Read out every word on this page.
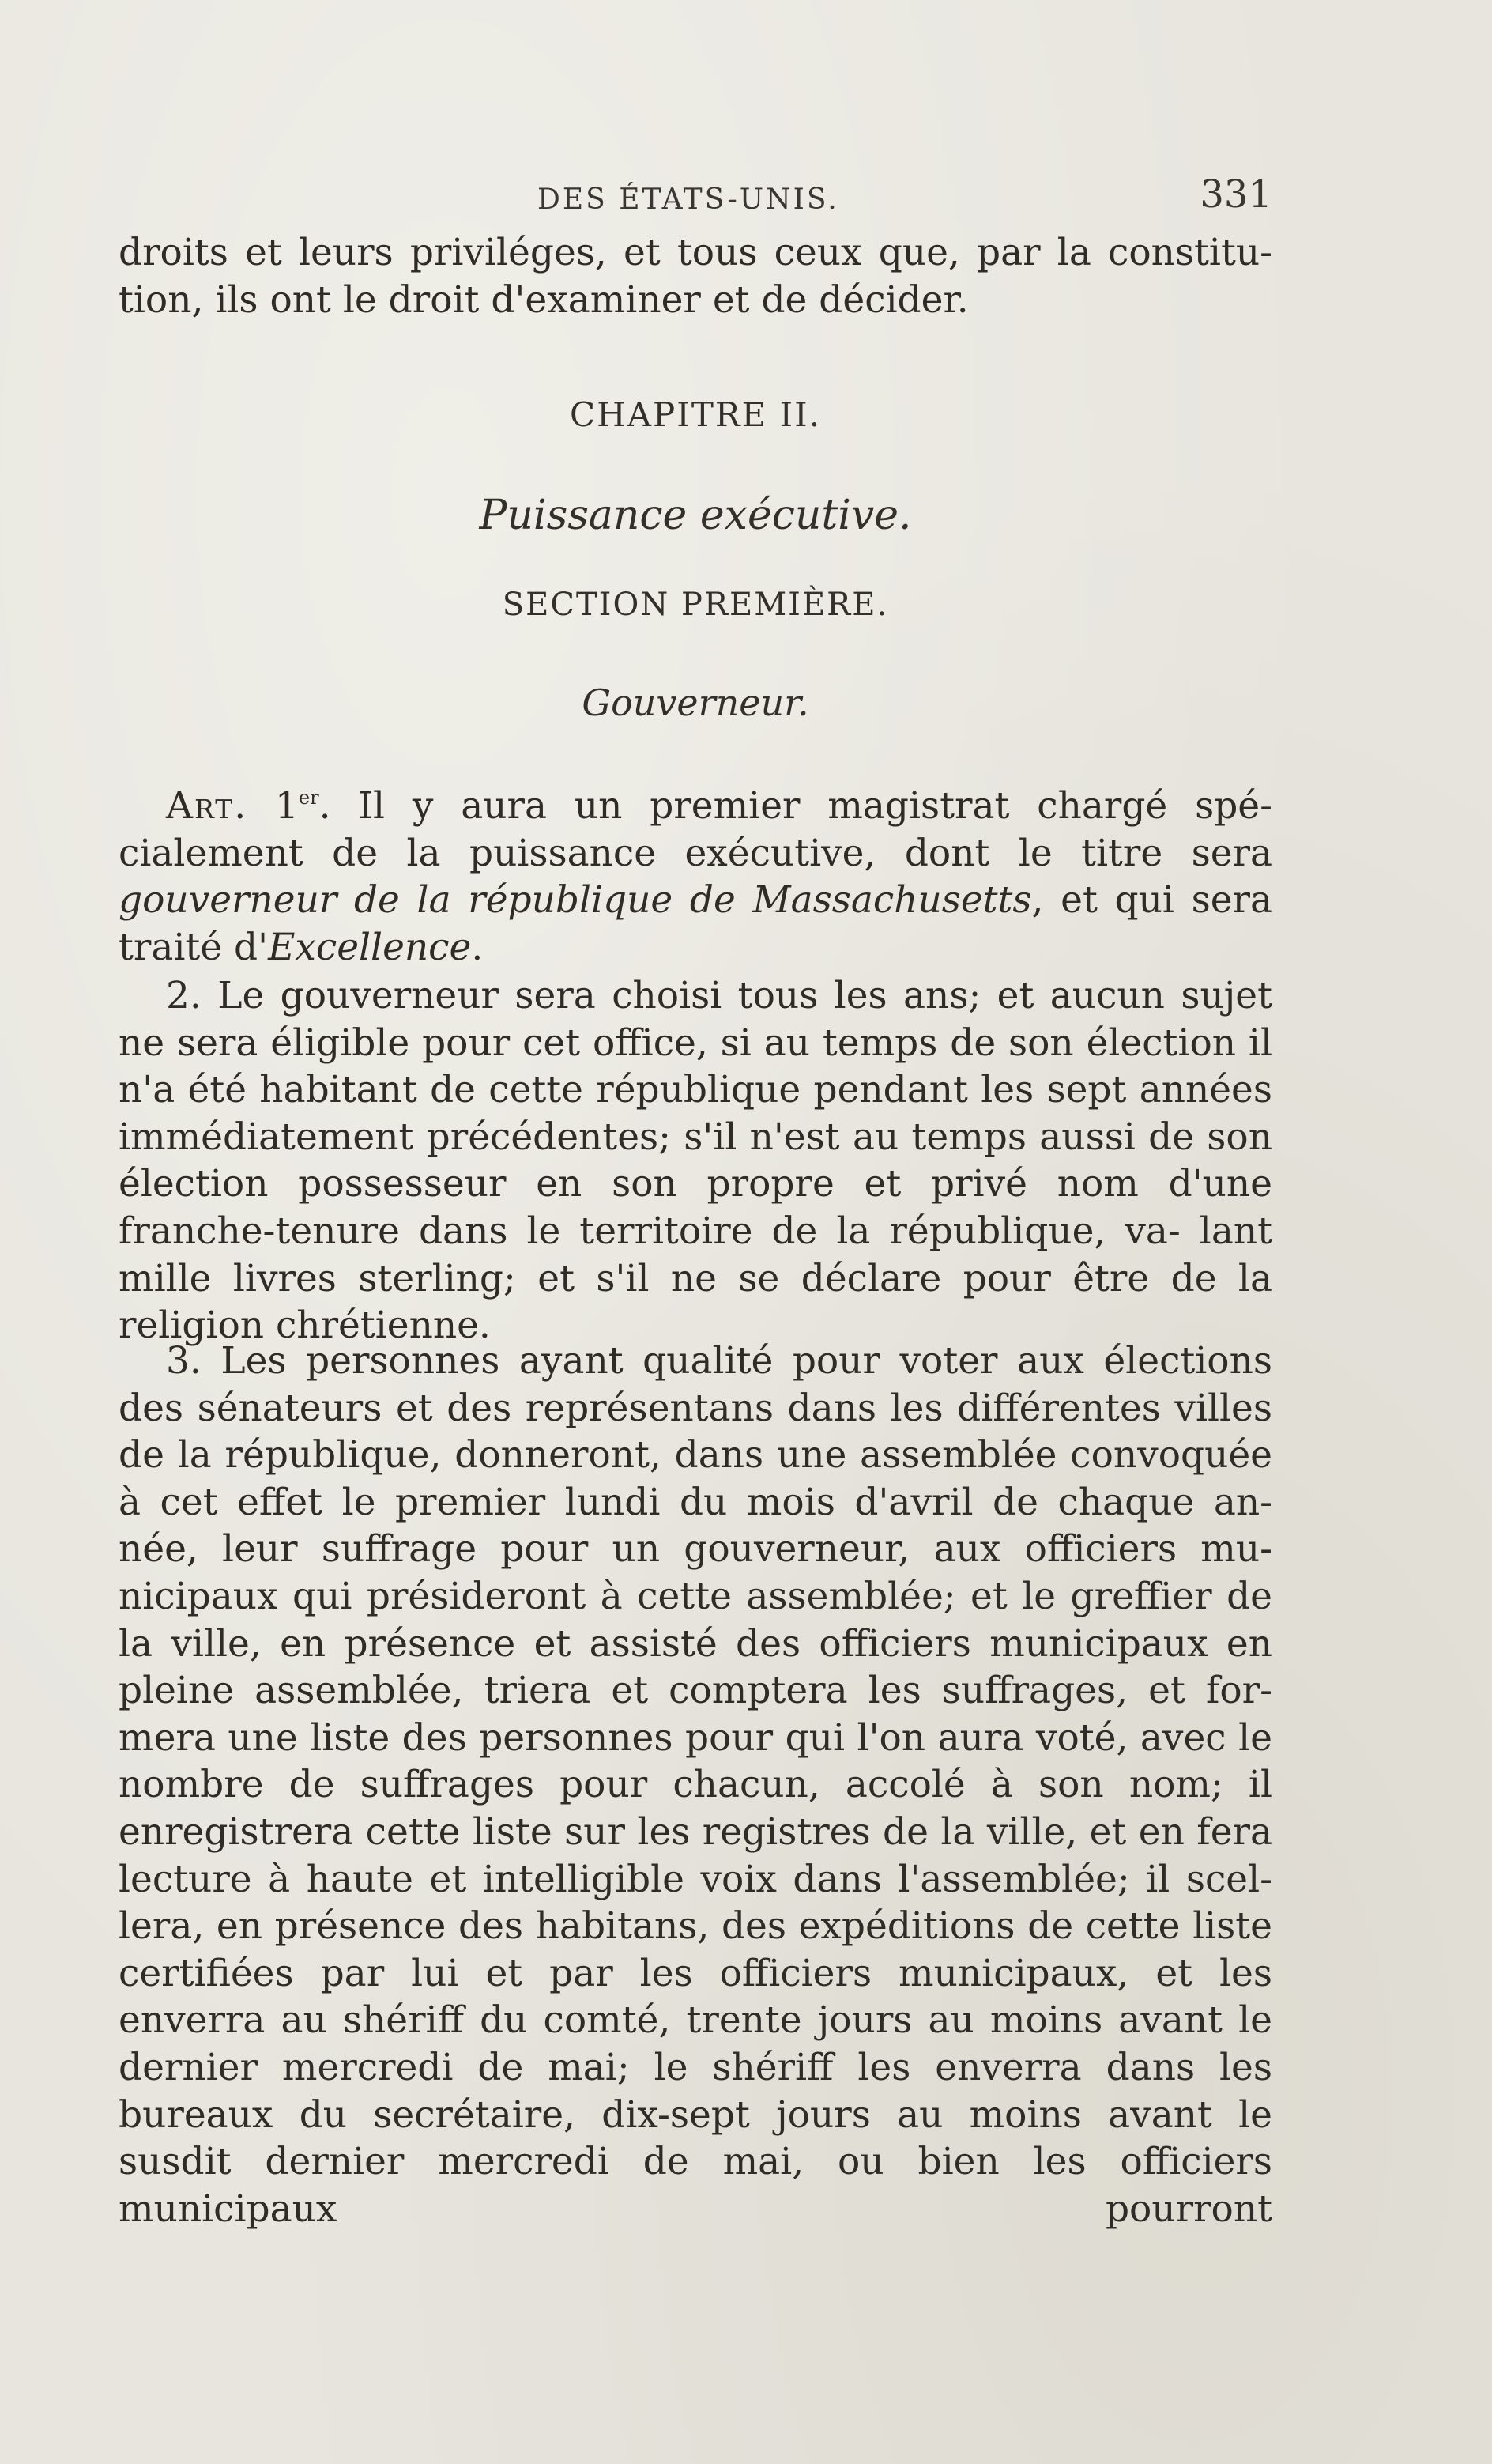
DES ÉTATS-UNIS.	331
droits et leurs priviléges, et tous ceux que, par la constitu- tion, ils ont le droit d'examiner et de décider.
CHAPITRE II.
Puissance exécutive.
SECTION PREMIÈRE.
Gouverneur.
Art. 1er. Il y aura un premier magistrat chargé spé- cialement de la puissance exécutive, dont le titre sera gouverneur de la république de Massachusetts, et qui sera traité d'Excellence.
2. Le gouverneur sera choisi tous les ans; et aucun sujet ne sera éligible pour cet office, si au temps de son élection il n'a été habitant de cette république pendant les sept années immédiatement précédentes; s'il n'est au temps aussi de son élection possesseur en son propre et privé nom d'une franche-tenure dans le territoire de la république, va- lant mille livres sterling; et s'il ne se déclare pour être de la religion chrétienne.
3. Les personnes ayant qualité pour voter aux élections des sénateurs et des représentans dans les différentes villes de la république, donneront, dans une assemblée convoquée à cet effet le premier lundi du mois d'avril de chaque an- née, leur suffrage pour un gouverneur, aux officiers mu- nicipaux qui présideront à cette assemblée; et le greffier de la ville, en présence et assisté des officiers municipaux en pleine assemblée, triera et comptera les suffrages, et for- mera une liste des personnes pour qui l'on aura voté, avec le nombre de suffrages pour chacun, accolé à son nom; il enregistrera cette liste sur les registres de la ville, et en fera lecture à haute et intelligible voix dans l'assemblée; il scel- lera, en présence des habitans, des expéditions de cette liste certifiées par lui et par les officiers municipaux, et les enverra au shériff du comté, trente jours au moins avant le dernier mercredi de mai; le shériff les enverra dans les bureaux du secrétaire, dix-sept jours au moins avant le susdit dernier mercredi de mai, ou bien les officiers municipaux pourront
